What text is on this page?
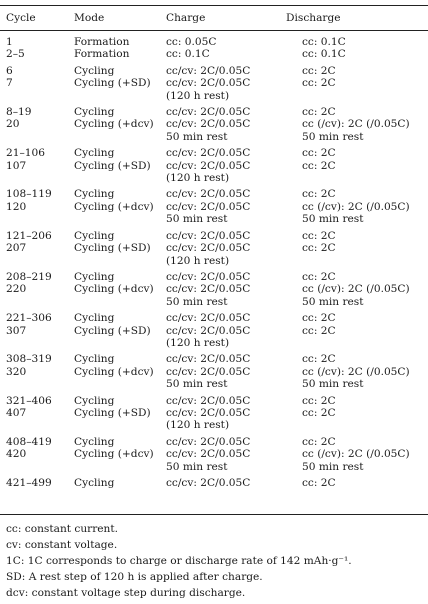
Cycle	Mode	Charge	Discharge
1	Formation	cc: 0.05C	cc: 0.1C
2–5	Formation	cc: 0.1C	cc: 0.1C

6	Cycling	cc/cv: 2C/0.05C	cc: 2C
7	Cycling (+SD)	cc/cv: 2C/0.05C	cc: 2C
		(120 h rest)	

8–19	Cycling	cc/cv: 2C/0.05C	cc: 2C
20	Cycling (+dcv)	cc/cv: 2C/0.05C	cc (/cv): 2C (/0.05C)
		50 min rest	50 min rest

21–106	Cycling	cc/cv: 2C/0.05C	cc: 2C
107	Cycling (+SD)	cc/cv: 2C/0.05C	cc: 2C
		(120 h rest)	

108–119	Cycling	cc/cv: 2C/0.05C	cc: 2C
120	Cycling (+dcv)	cc/cv: 2C/0.05C	cc (/cv): 2C (/0.05C)
		50 min rest	50 min rest

121–206	Cycling	cc/cv: 2C/0.05C	cc: 2C
207	Cycling (+SD)	cc/cv: 2C/0.05C	cc: 2C
		(120 h rest)	

208–219	Cycling	cc/cv: 2C/0.05C	cc: 2C
220	Cycling (+dcv)	cc/cv: 2C/0.05C	cc (/cv): 2C (/0.05C)
		50 min rest	50 min rest

221–306	Cycling	cc/cv: 2C/0.05C	cc: 2C
307	Cycling (+SD)	cc/cv: 2C/0.05C	cc: 2C
		(120 h rest)	

308–319	Cycling	cc/cv: 2C/0.05C	cc: 2C
320	Cycling (+dcv)	cc/cv: 2C/0.05C	cc (/cv): 2C (/0.05C)
		50 min rest	50 min rest

321–406	Cycling	cc/cv: 2C/0.05C	cc: 2C
407	Cycling (+SD)	cc/cv: 2C/0.05C	cc: 2C
		(120 h rest)	

408–419	Cycling	cc/cv: 2C/0.05C	cc: 2C
420	Cycling (+dcv)	cc/cv: 2C/0.05C	cc (/cv): 2C (/0.05C)
		50 min rest	50 min rest

421–499	Cycling	cc/cv: 2C/0.05C	cc: 2C
cc: constant current.
cv: constant voltage.
1C: 1C corresponds to charge or discharge rate of 142 mAh·g⁻¹.
SD: A rest step of 120 h is applied after charge.
dcv: constant voltage step during discharge.
